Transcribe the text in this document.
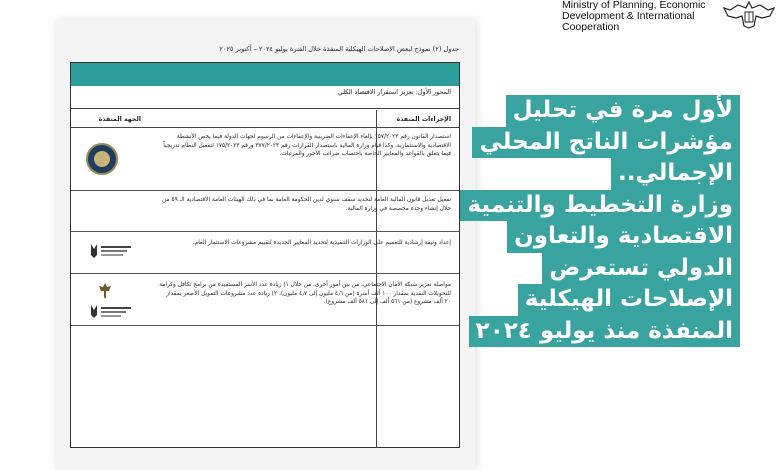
Ministry of Planning, Economic
Development & International
Cooperation
جدول (٢) نموذج لبعض الإصلاحات الهيكلية المنفذة خلال الفترة يوليو ٢٠٢٤ – أكتوبر ٢٠٢٥
المحور الأول: تعزيز استقرار الاقتصاد الكلي
الإجراءات المنفذة
الجهة المنفذة
استصدار القانون رقم ١٥٧/٢٠٢٣ بإلغاء الإعفاءات الضريبية والإعفاءات من الرسوم لجهات الدولة فيما يخص الأنشطة الاقتصادية والاستثمارية، وكذا قيام وزارة المالية باستصدار القرارات رقم ٣٧٧/٢٠٢٣ ورقم ١٧٥/٢٠٢٣ لتفعيل النظام تدريجياً فيما يتعلق بالقواعد والمعايير الخاصة باحتساب ضرائب الأجور والمرتبات.
تفعيل تعديل قانون المالية العامة لتحديد سقف سنوي لدين الحكومة العامة بما في ذلك الهيئات العامة الاقتصادية الـ ٥٩ من خلال إنشاء وحدة مخصصة في وزارة المالية.
إعداد وثيقة إرشادية للتعميم على الوزارات التنفيذية لتحديد المعايير الجديدة لتقييم مشروعات الاستثمار العام.
مواصلة تعزيز شبكة الأمان الاجتماعي، من بين أمور أخرى، من خلال ١) زيادة عدد الأسر المستفيدة من برامج تكافل وكرامة للتحويلات النقدية بمقدار ١٠٠ ألف أسرة (من ٤٫٦ مليون إلى ٤٫٧ مليون)، ٢) زيادة عدد مشروعات التمويل الأصغر بمقدار ٢٠ ألف مشروع (من ٥٦١ ألف إلى ٥٨١ ألف مشروع).
لأول مرة في تحليل
مؤشرات الناتج المحلي
الإجمالي..
وزارة التخطيط والتنمية
الاقتصادية والتعاون
الدولي تستعرض
الإصلاحات الهيكلية
المنفذة منذ يوليو ٢٠٢٤
